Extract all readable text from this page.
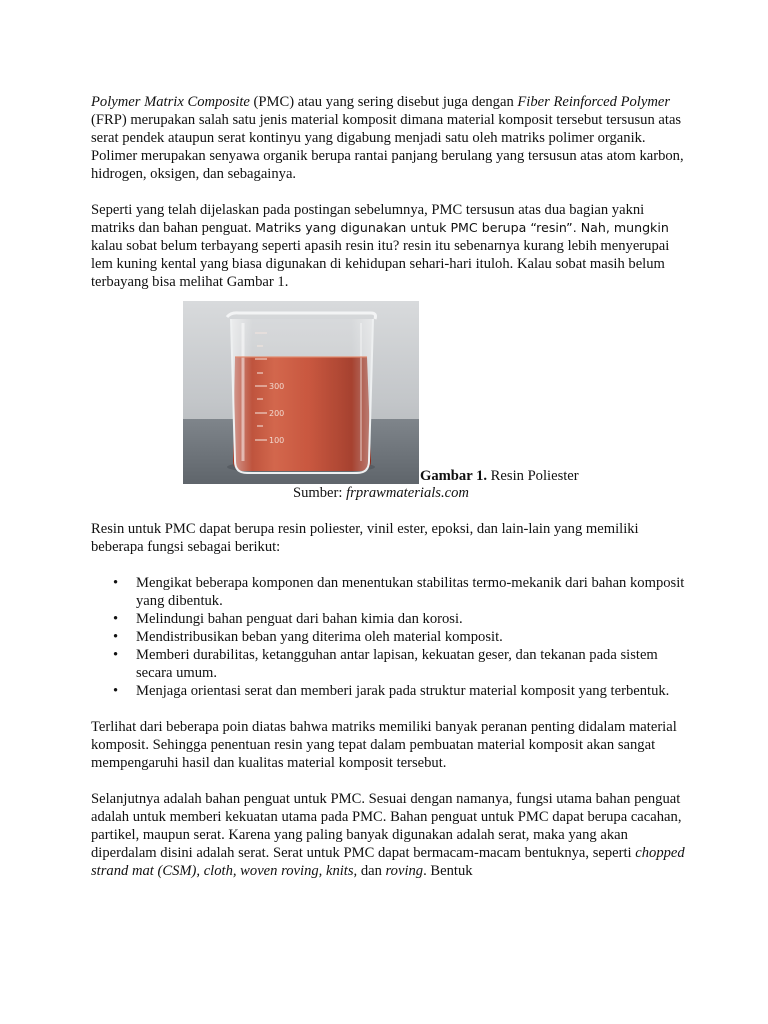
Polymer Matrix Composite (PMC) atau yang sering disebut juga dengan Fiber Reinforced Polymer (FRP) merupakan salah satu jenis material komposit dimana material komposit tersebut tersusun atas serat pendek ataupun serat kontinyu yang digabung menjadi satu oleh matriks polimer organik. Polimer merupakan senyawa organik berupa rantai panjang berulang yang tersusun atas atom karbon, hidrogen, oksigen, dan sebagainya.

Seperti yang telah dijelaskan pada postingan sebelumnya, PMC tersusun atas dua bagian yakni matriks dan bahan penguat. Matriks yang digunakan untuk PMC berupa “resin”. Nah, mungkin kalau sobat belum terbayang seperti apasih resin itu? resin itu sebenarnya kurang lebih menyerupai lem kuning kental yang biasa digunakan di kehidupan sehari-hari ituloh. Kalau sobat masih belum terbayang bisa melihat Gambar 1.

300
200
100
Gambar 1. Resin Poliester

Sumber: frprawmaterials.com

Resin untuk PMC dapat berupa resin poliester, vinil ester, epoksi, dan lain-lain yang memiliki beberapa fungsi sebagai berikut:

• Mengikat beberapa komponen dan menentukan stabilitas termo-mekanik dari bahan komposit yang dibentuk.
• Melindungi bahan penguat dari bahan kimia dan korosi.
• Mendistribusikan beban yang diterima oleh material komposit.
• Memberi durabilitas, ketangguhan antar lapisan, kekuatan geser, dan tekanan pada sistem secara umum.
• Menjaga orientasi serat dan memberi jarak pada struktur material komposit yang terbentuk.

Terlihat dari beberapa poin diatas bahwa matriks memiliki banyak peranan penting didalam material komposit. Sehingga penentuan resin yang tepat dalam pembuatan material komposit akan sangat mempengaruhi hasil dan kualitas material komposit tersebut.

Selanjutnya adalah bahan penguat untuk PMC. Sesuai dengan namanya, fungsi utama bahan penguat adalah untuk memberi kekuatan utama pada PMC. Bahan penguat untuk PMC dapat berupa cacahan, partikel, maupun serat. Karena yang paling banyak digunakan adalah serat, maka yang akan diperdalam disini adalah serat. Serat untuk PMC dapat bermacam-macam bentuknya, seperti chopped strand mat (CSM), cloth, woven roving, knits, dan roving. Bentuk
